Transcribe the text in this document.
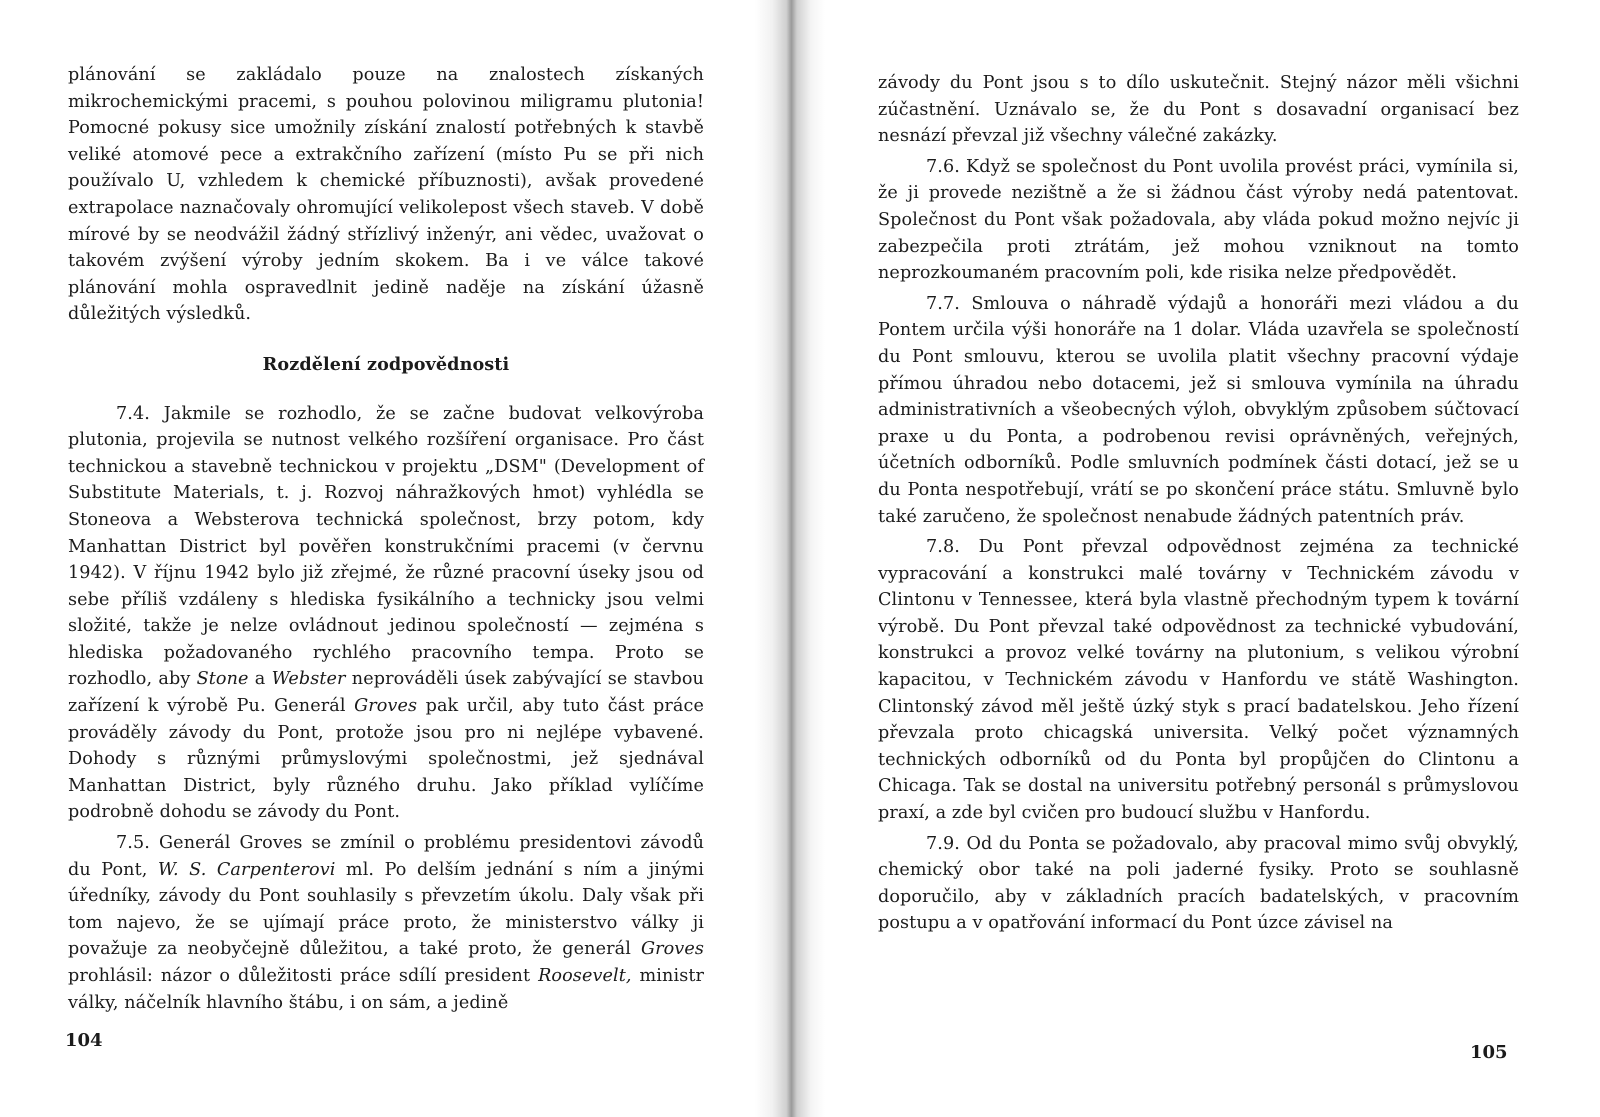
plánování se zakládalo pouze na znalostech získaných mikrochemickými pracemi, s pouhou polovinou miligramu plutonia! Pomocné pokusy sice umožnily získání znalostí potřebných k stavbě veliké atomové pece a extrakčního zařízení (místo Pu se při nich používalo U, vzhledem k chemické příbuznosti), avšak provedené extrapolace naznačovaly ohromující velikolepost všech staveb. V době mírové by se neodvážil žádný střízlivý inženýr, ani vědec, uvažovat o takovém zvýšení výroby jedním skokem. Ba i ve válce takové plánování mohla ospravedlnit jedině naděje na získání úžasně důležitých výsledků.

Rozdělení zodpovědnosti

7.4. Jakmile se rozhodlo, že se začne budovat velkovýroba plutonia, projevila se nutnost velkého rozšíření organisace. Pro část technickou a stavebně technickou v projektu „DSM" (Development of Substitute Materials, t. j. Rozvoj náhražkových hmot) vyhlédla se Stoneova a Websterova technická společnost, brzy potom, kdy Manhattan District byl pověřen konstrukčními pracemi (v červnu 1942). V říjnu 1942 bylo již zřejmé, že různé pracovní úseky jsou od sebe příliš vzdáleny s hlediska fysikálního a technicky jsou velmi složité, takže je nelze ovládnout jedinou společností — zejména s hlediska požadovaného rychlého pracovního tempa. Proto se rozhodlo, aby Stone a Webster neprováděli úsek zabývající se stavbou zařízení k výrobě Pu. Generál Groves pak určil, aby tuto část práce prováděly závody du Pont, protože jsou pro ni nejlépe vybavené. Dohody s různými průmyslovými společnostmi, jež sjednával Manhattan District, byly různého druhu. Jako příklad vylíčíme podrobně dohodu se závody du Pont.

7.5. Generál Groves se zmínil o problému presidentovi závodů du Pont, W. S. Carpenterovi ml. Po delším jednání s ním a jinými úředníky, závody du Pont souhlasily s převzetím úkolu. Daly však při tom najevo, že se ujímají práce proto, že ministerstvo války ji považuje za neobyčejně důležitou, a také proto, že generál Groves prohlásil: názor o důležitosti práce sdílí president Roosevelt, ministr války, náčelník hlavního štábu, i on sám, a jedině

104

závody du Pont jsou s to dílo uskutečnit. Stejný názor měli všichni zúčastnění. Uznávalo se, že du Pont s dosavadní organisací bez nesnází převzal již všechny válečné zakázky.

7.6. Když se společnost du Pont uvolila provést práci, vymínila si, že ji provede nezištně a že si žádnou část výroby nedá patentovat. Společnost du Pont však požadovala, aby vláda pokud možno nejvíc ji zabezpečila proti ztrátám, jež mohou vzniknout na tomto neprozkoumaném pracovním poli, kde risika nelze předpovědět.

7.7. Smlouva o náhradě výdajů a honoráři mezi vládou a du Pontem určila výši honoráře na 1 dolar. Vláda uzavřela se společností du Pont smlouvu, kterou se uvolila platit všechny pracovní výdaje přímou úhradou nebo dotacemi, jež si smlouva vymínila na úhradu administrativních a všeobecných výloh, obvyklým způsobem súčtovací praxe u du Ponta, a podrobenou revisi oprávněných, veřejných, účetních odborníků. Podle smluvních podmínek části dotací, jež se u du Ponta nespotřebují, vrátí se po skončení práce státu. Smluvně bylo také zaručeno, že společnost nenabude žádných patentních práv.

7.8. Du Pont převzal odpovědnost zejména za technické vypracování a konstrukci malé továrny v Technickém závodu v Clintonu v Tennessee, která byla vlastně přechodným typem k tovární výrobě. Du Pont převzal také odpovědnost za technické vybudování, konstrukci a provoz velké továrny na plutonium, s velikou výrobní kapacitou, v Technickém závodu v Hanfordu ve státě Washington. Clintonský závod měl ještě úzký styk s prací badatelskou. Jeho řízení převzala proto chicagská universita. Velký počet významných technických odborníků od du Ponta byl propůjčen do Clintonu a Chicaga. Tak se dostal na universitu potřebný personál s průmyslovou praxí, a zde byl cvičen pro budoucí službu v Hanfordu.

7.9. Od du Ponta se požadovalo, aby pracoval mimo svůj obvyklý, chemický obor také na poli jaderné fysiky. Proto se souhlasně doporučilo, aby v základních pracích badatelských, v pracovním postupu a v opatřování informací du Pont úzce závisel na

105
